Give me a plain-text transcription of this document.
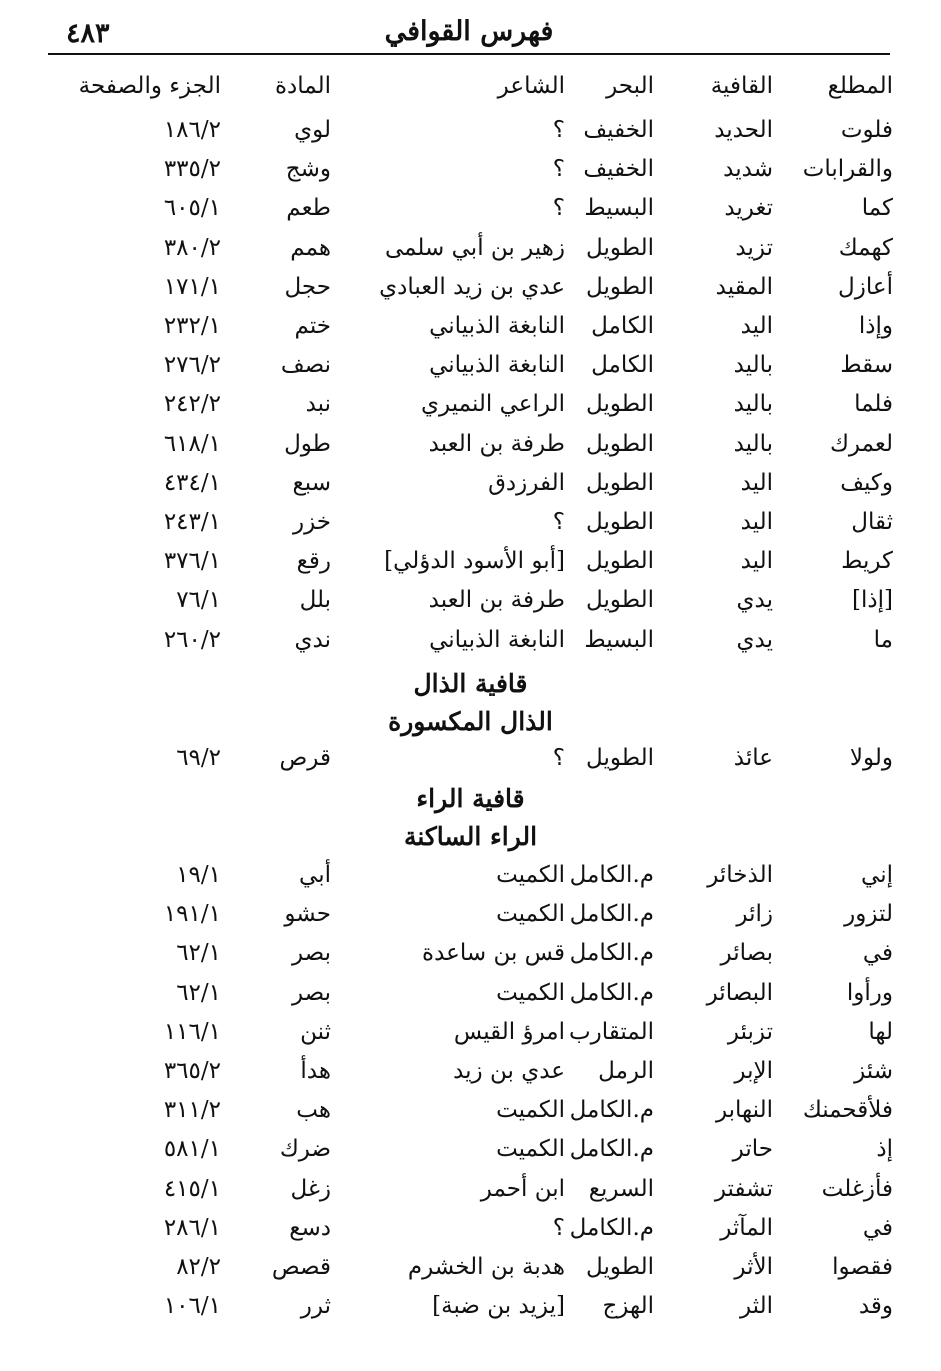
٤٨٣	فهرس القوافي
المطلع
القافية
البحر
الشاعر
المادة
الجزء والصفحة
فلوت
الحديد
الخفيف
؟
لوي
١٨٦/٢
والقرابات
شديد
الخفيف
؟
وشج
٣٣٥/٢
كما
تغريد
البسيط
؟
طعم
٦٠٥/١
كهمك
تزيد
الطويل
زهير بن أبي سلمى
همم
٣٨٠/٢
أعازل
المقيد
الطويل
عدي بن زيد العبادي
حجل
١٧١/١
وإذا
اليد
الكامل
النابغة الذبياني
ختم
٢٣٢/١
سقط
باليد
الكامل
النابغة الذبياني
نصف
٢٧٦/٢
فلما
باليد
الطويل
الراعي النميري
نبد
٢٤٢/٢
لعمرك
باليد
الطويل
طرفة بن العبد
طول
٦١٨/١
وكيف
اليد
الطويل
الفرزدق
سبع
٤٣٤/١
ثقال
اليد
الطويل
؟
خزر
٢٤٣/١
كريط
اليد
الطويل
[أبو الأسود الدؤلي]
رقع
٣٧٦/١
[إذا]
يدي
الطويل
طرفة بن العبد
بلل
٧٦/١
ما
يدي
البسيط
النابغة الذبياني
ندي
٢٦٠/٢
قافية الذال
الذال المكسورة
ولولا
عائذ
الطويل
؟
قرص
٦٩/٢
قافية الراء
الراء الساكنة
إني
الذخائر
م.الكامل
الكميت
أبي
١٩/١
لتزور
زائر
م.الكامل
الكميت
حشو
١٩١/١
في
بصائر
م.الكامل
قس بن ساعدة
بصر
٦٢/١
ورأوا
البصائر
م.الكامل
الكميت
بصر
٦٢/١
لها
تزبئر
المتقارب
امرؤ القيس
ثنن
١١٦/١
شئز
الإبر
الرمل
عدي بن زيد
هدأ
٣٦٥/٢
فلأقحمنك
النهابر
م.الكامل
الكميت
هب
٣١١/٢
إذ
حاتر
م.الكامل
الكميت
ضرك
٥٨١/١
فأزغلت
تشفتر
السريع
ابن أحمر
زغل
٤١٥/١
في
المآثر
م.الكامل
؟
دسع
٢٨٦/١
فقصوا
الأثر
الطويل
هدبة بن الخشرم
قصص
٨٢/٢
وقد
الثر
الهزج
[يزيد بن ضبة]
ثرر
١٠٦/١
